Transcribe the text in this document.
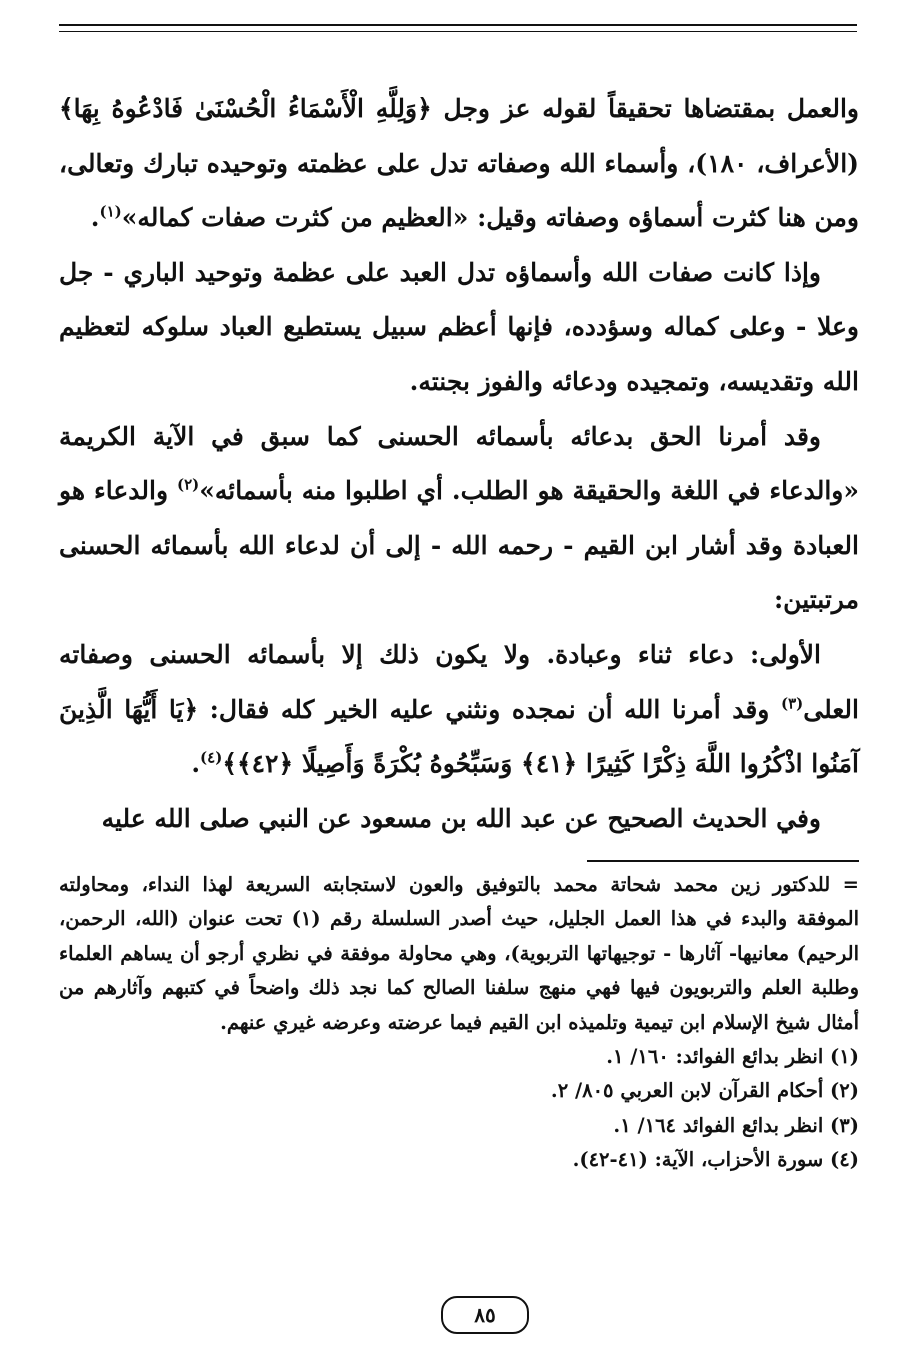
والعمل بمقتضاها تحقيقاً لقوله عز وجل ﴿وَلِلَّهِ الْأَسْمَاءُ الْحُسْنَىٰ فَادْعُوهُ بِهَا﴾ (الأعراف، ١٨٠)، وأسماء الله وصفاته تدل على عظمته وتوحيده تبارك وتعالى، ومن هنا كثرت أسماؤه وصفاته وقيل: «العظيم من كثرت صفات كماله»$^{(١)}$.

وإذا كانت صفات الله وأسماؤه تدل العبد على عظمة وتوحيد الباري - جل وعلا - وعلى كماله وسؤدده، فإنها أعظم سبيل يستطيع العباد سلوكه لتعظيم الله وتقديسه، وتمجيده ودعائه والفوز بجنته.

وقد أمرنا الحق بدعائه بأسمائه الحسنى كما سبق في الآية الكريمة «والدعاء في اللغة والحقيقة هو الطلب. أي اطلبوا منه بأسمائه»$^{(٢)}$ والدعاء هو العبادة وقد أشار ابن القيم - رحمه الله - إلى أن لدعاء الله بأسمائه الحسنى مرتبتين:

الأولى: دعاء ثناء وعبادة. ولا يكون ذلك إلا بأسمائه الحسنى وصفاته العلى$^{(٣)}$ وقد أمرنا الله أن نمجده ونثني عليه الخير كله فقال: ﴿يَا أَيُّهَا الَّذِينَ آمَنُوا اذْكُرُوا اللَّهَ ذِكْرًا كَثِيرًا ﴿٤١﴾ وَسَبِّحُوهُ بُكْرَةً وَأَصِيلًا ﴿٤٢﴾﴾$^{(٤)}$.

وفي الحديث الصحيح عن عبد الله بن مسعود عن النبي صلى الله عليه

= للدكتور زين محمد شحاتة محمد بالتوفيق والعون لاستجابته السريعة لهذا النداء، ومحاولته الموفقة والبدء في هذا العمل الجليل، حيث أصدر السلسلة رقم (١) تحت عنوان (الله، الرحمن، الرحيم) معانيها- آثارها - توجيهاتها التربوية)، وهي محاولة موفقة في نظري أرجو أن يساهم العلماء وطلبة العلم والتربويون فيها فهي منهج سلفنا الصالح كما نجد ذلك واضحاً في كتبهم وآثارهم من أمثال شيخ الإسلام ابن تيمية وتلميذه ابن القيم فيما عرضته وعرضه غيري عنهم.

(١) انظر بدائع الفوائد: ١٦٠/ ١.

(٢) أحكام القرآن لابن العربي ٨٠٥/ ٢.

(٣) انظر بدائع الفوائد ١٦٤/ ١.

(٤) سورة الأحزاب، الآية: (٤١-٤٢).

٨٥
